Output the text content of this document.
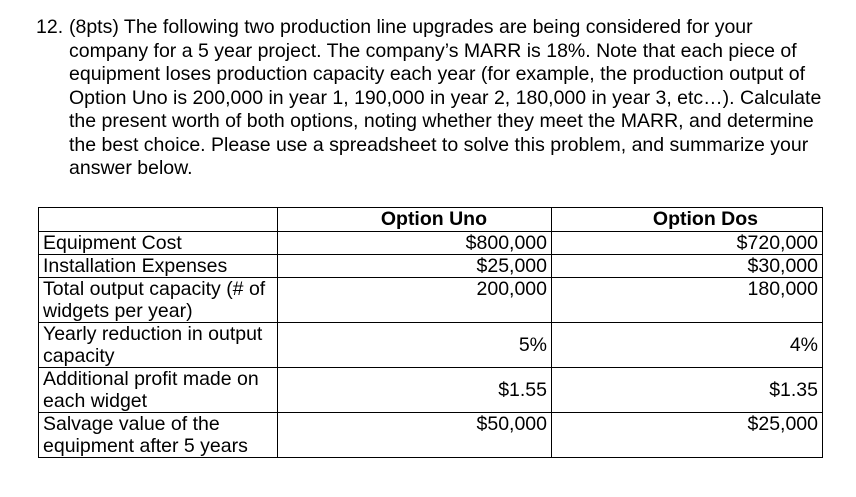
12. (8pts) The following two production line upgrades are being considered for your company for a 5 year project. The company’s MARR is 18%. Note that each piece of equipment loses production capacity each year (for example, the production output of Option Uno is 200,000 in year 1, 190,000 in year 2, 180,000 in year 3, etc…). Calculate the present worth of both options, noting whether they meet the MARR, and determine the best choice. Please use a spreadsheet to solve this problem, and summarize your answer below.

	Option Uno	Option Dos

Equipment Cost	$800,000	$720,000
Installation Expenses	$25,000	$30,000
Total output capacity (# of widgets per year)	200,000	180,000
Yearly reduction in output capacity	5%	4%

Additional profit made on each widget	$1.55	$1.35

Salvage value of the equipment after 5 years	$50,000	$25,000
